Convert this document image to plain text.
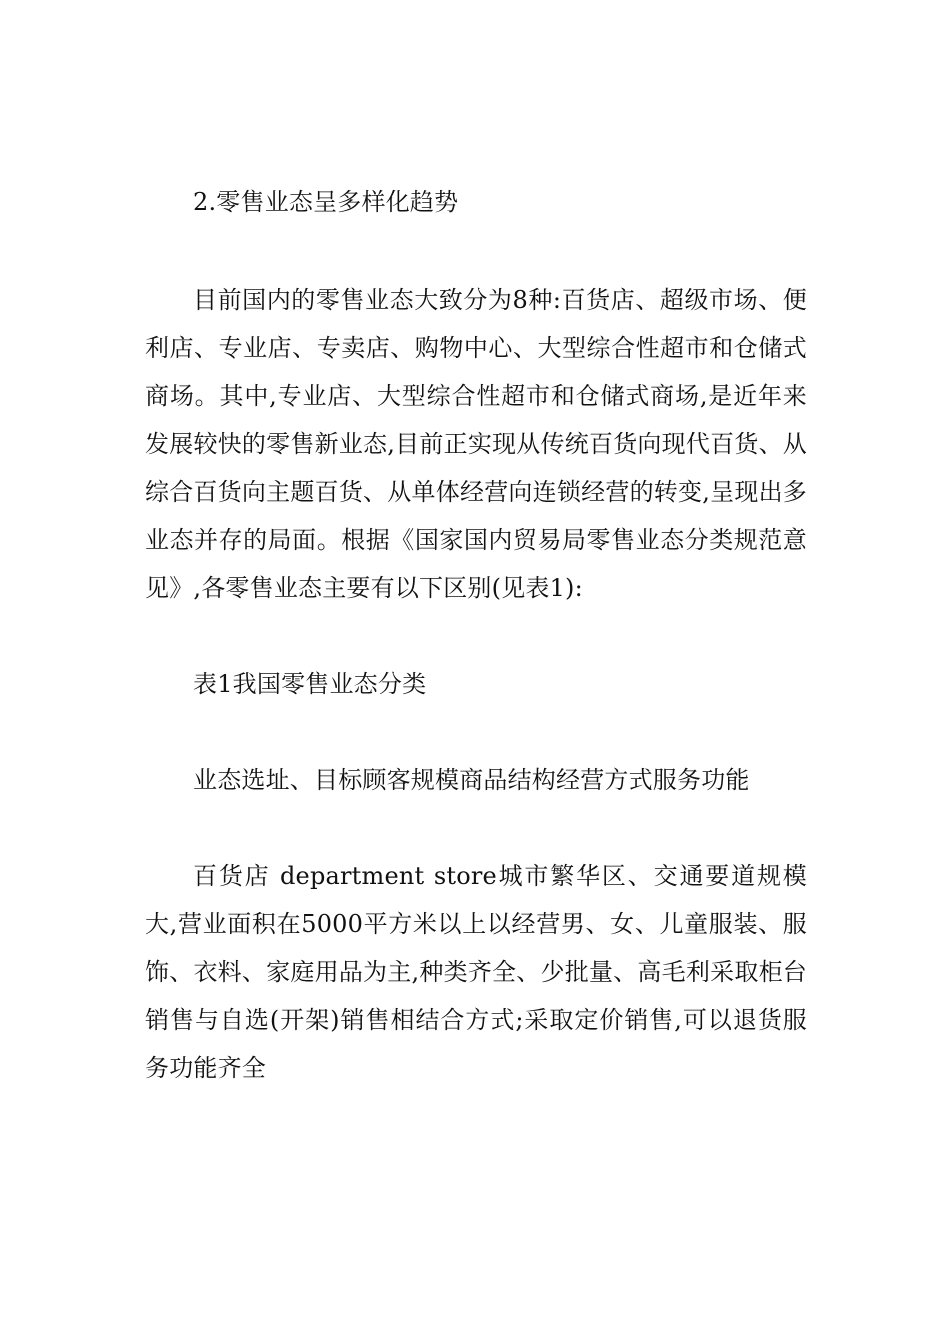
2.零售业态呈多样化趋势

目前国内的零售业态大致分为8种:百货店、超级市场、便利店、专业店、专卖店、购物中心、大型综合性超市和仓储式商场。其中,专业店、大型综合性超市和仓储式商场,是近年来发展较快的零售新业态,目前正实现从传统百货向现代百货、从综合百货向主题百货、从单体经营向连锁经营的转变,呈现出多业态并存的局面。根据《国家国内贸易局零售业态分类规范意见》,各零售业态主要有以下区别(见表1):

表1我国零售业态分类

业态选址、目标顾客规模商品结构经营方式服务功能

百货店 department store城市繁华区、交通要道规模大,营业面积在5000平方米以上以经营男、女、儿童服装、服饰、衣料、家庭用品为主,种类齐全、少批量、高毛利采取柜台销售与自选(开架)销售相结合方式;采取定价销售,可以退货服务功能齐全
